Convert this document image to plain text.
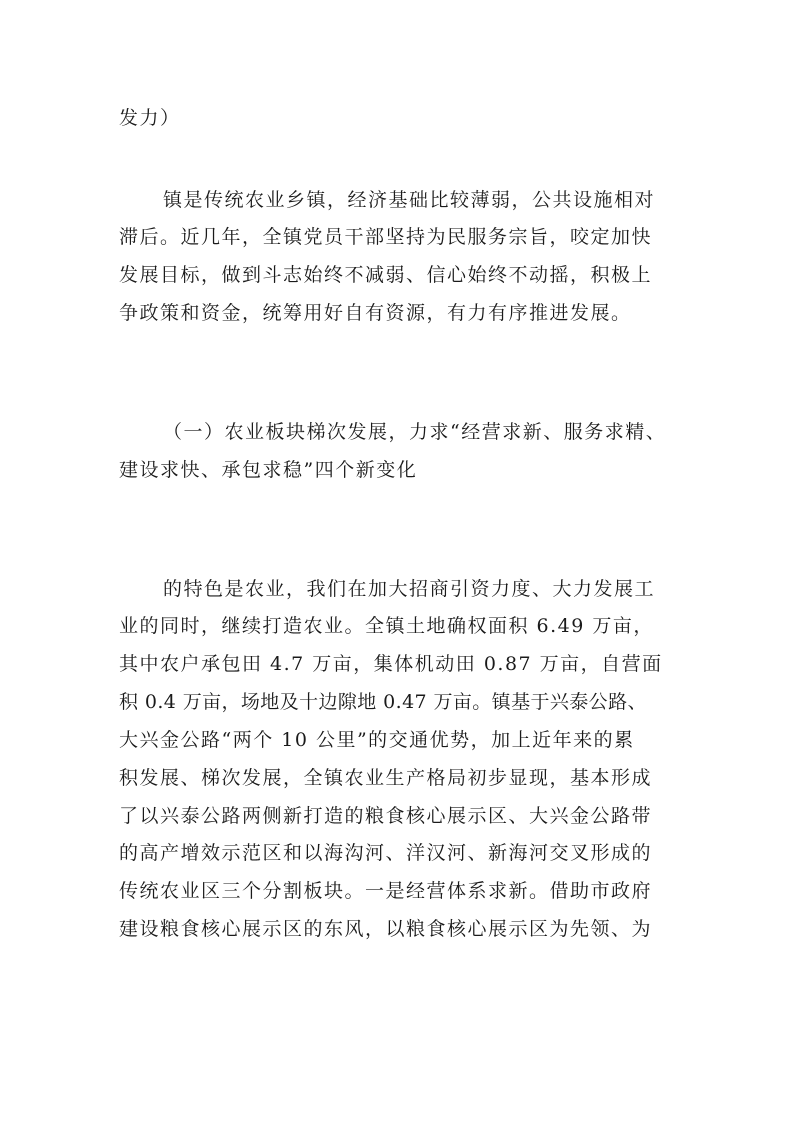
发力）
镇是传统农业乡镇，经济基础比较薄弱，公共设施相对
滞后。近几年，全镇党员干部坚持为民服务宗旨，咬定加快
发展目标，做到斗志始终不减弱、信心始终不动摇，积极上
争政策和资金，统筹用好自有资源，有力有序推进发展。
（一）农业板块梯次发展，力求“经营求新、服务求精、
建设求快、承包求稳”四个新变化
的特色是农业，我们在加大招商引资力度、大力发展工
业的同时，继续打造农业。全镇土地确权面积 6.49 万亩，
其中农户承包田 4.7 万亩，集体机动田 0.87 万亩，自营面
积 0.4 万亩，场地及十边隙地 0.47 万亩。镇基于兴泰公路、
大兴金公路“两个 10 公里”的交通优势，加上近年来的累
积发展、梯次发展，全镇农业生产格局初步显现，基本形成
了以兴泰公路两侧新打造的粮食核心展示区、大兴金公路带
的高产增效示范区和以海沟河、洋汉河、新海河交叉形成的
传统农业区三个分割板块。一是经营体系求新。借助市政府
建设粮食核心展示区的东风，以粮食核心展示区为先领、为
